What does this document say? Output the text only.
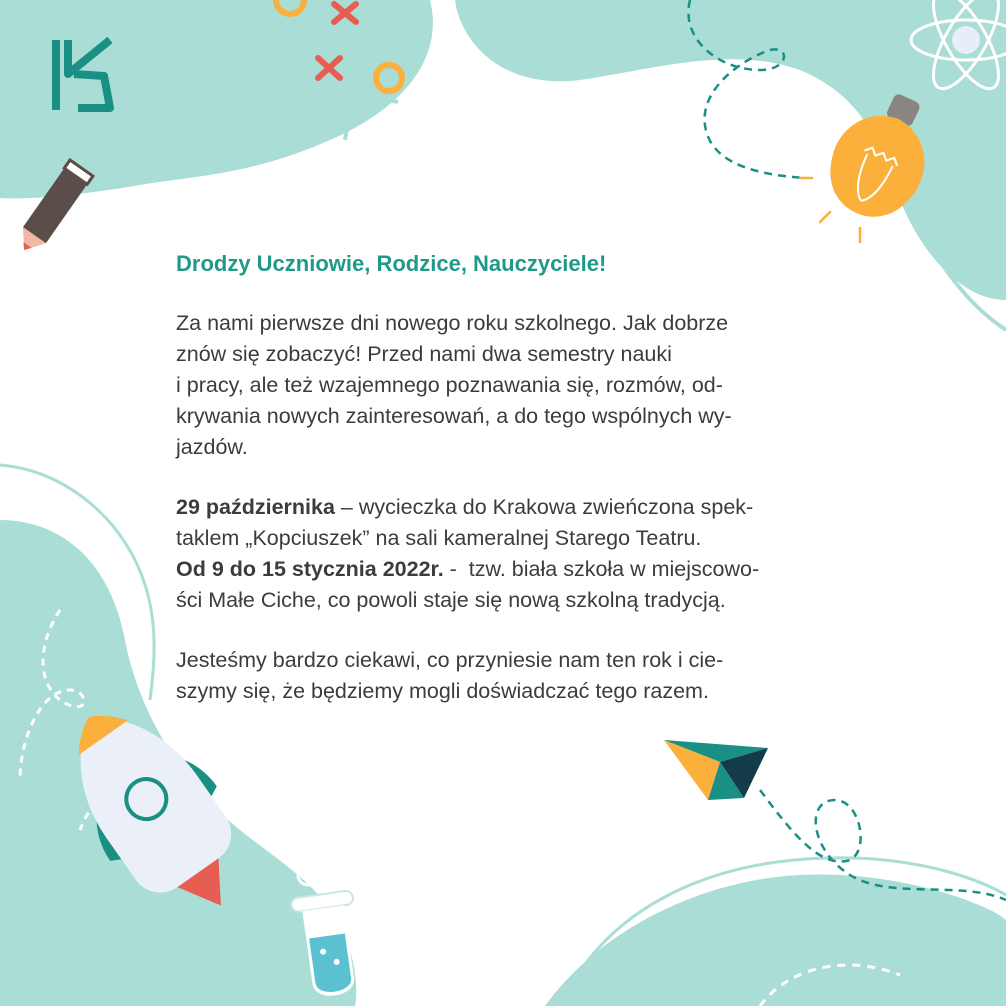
Drodzy Uczniowie, Rodzice, Nauczyciele!
Za nami pierwsze dni nowego roku szkolnego. Jak dobrze
znów się zobaczyć! Przed nami dwa semestry nauki
i pracy, ale też wzajemnego poznawania się, rozmów, od-
krywania nowych zainteresowań, a do tego wspólnych wy-
jazdów.
29 października – wycieczka do Krakowa zwieńczona spek-
taklem „Kopciuszek” na sali kameralnej Starego Teatru.
Od 9 do 15 stycznia 2022r. -  tzw. biała szkoła w miejscowo-
ści Małe Ciche, co powoli staje się nową szkolną tradycją.
Jesteśmy bardzo ciekawi, co przyniesie nam ten rok i cie-
szymy się, że będziemy mogli doświadczać tego razem.
